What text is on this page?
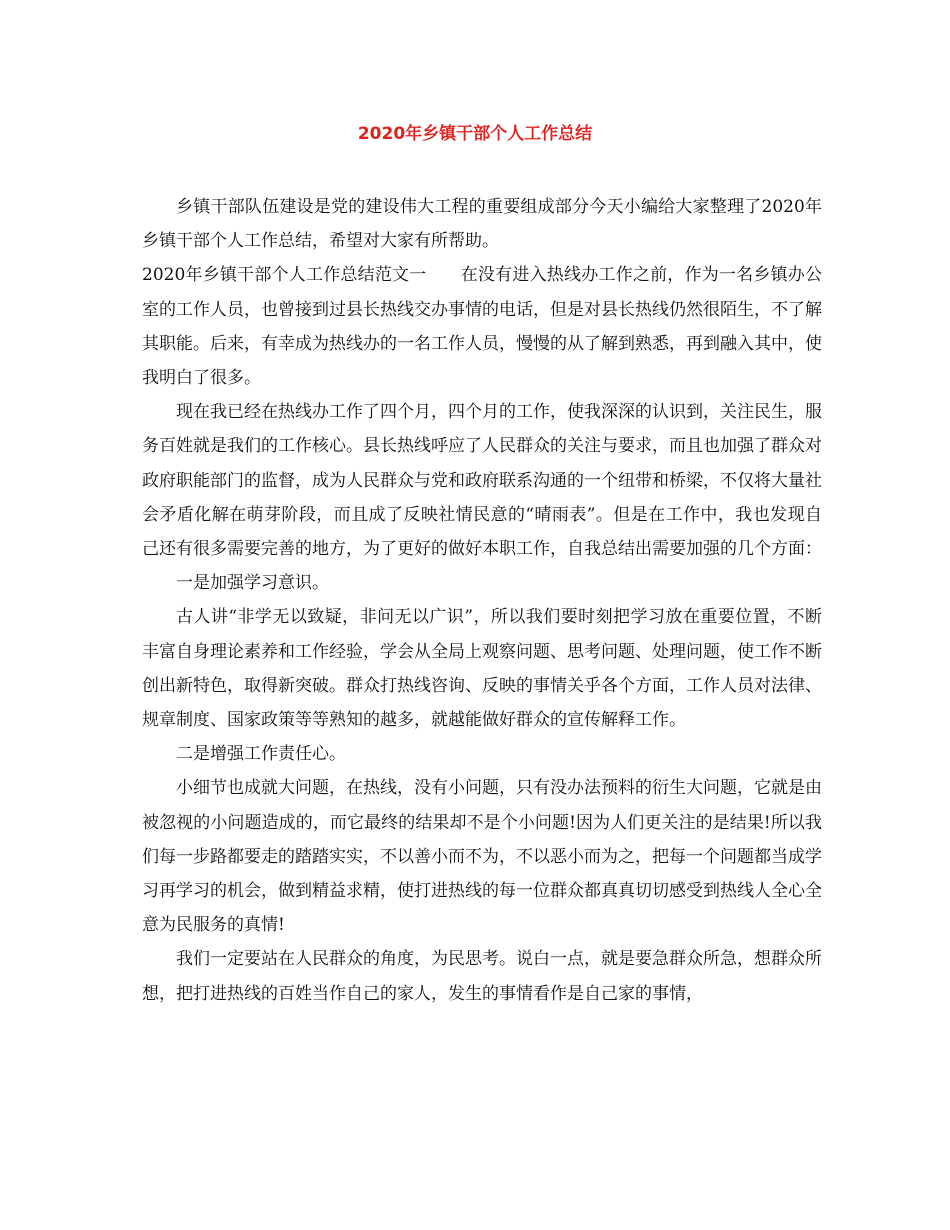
2020年乡镇干部个人工作总结

乡镇干部队伍建设是党的建设伟大工程的重要组成部分今天小编给大家整理了2020年乡镇干部个人工作总结，希望对大家有所帮助。

2020年乡镇干部个人工作总结范文一 在没有进入热线办工作之前，作为一名乡镇办公室的工作人员，也曾接到过县长热线交办事情的电话，但是对县长热线仍然很陌生，不了解其职能。后来，有幸成为热线办的一名工作人员，慢慢的从了解到熟悉，再到融入其中，使我明白了很多。

现在我已经在热线办工作了四个月，四个月的工作，使我深深的认识到，关注民生，服务百姓就是我们的工作核心。县长热线呼应了人民群众的关注与要求，而且也加强了群众对政府职能部门的监督，成为人民群众与党和政府联系沟通的一个纽带和桥梁，不仅将大量社会矛盾化解在萌芽阶段，而且成了反映社情民意的“晴雨表”。但是在工作中，我也发现自己还有很多需要完善的地方，为了更好的做好本职工作，自我总结出需要加强的几个方面：

一是加强学习意识。

古人讲“非学无以致疑，非问无以广识”，所以我们要时刻把学习放在重要位置，不断丰富自身理论素养和工作经验，学会从全局上观察问题、思考问题、处理问题，使工作不断创出新特色，取得新突破。群众打热线咨询、反映的事情关乎各个方面，工作人员对法律、规章制度、国家政策等等熟知的越多，就越能做好群众的宣传解释工作。

二是增强工作责任心。

小细节也成就大问题，在热线，没有小问题，只有没办法预料的衍生大问题，它就是由被忽视的小问题造成的，而它最终的结果却不是个小问题!因为人们更关注的是结果!所以我们每一步路都要走的踏踏实实，不以善小而不为，不以恶小而为之，把每一个问题都当成学习再学习的机会，做到精益求精，使打进热线的每一位群众都真真切切感受到热线人全心全意为民服务的真情!

我们一定要站在人民群众的角度，为民思考。说白一点，就是要急群众所急，想群众所想，把打进热线的百姓当作自己的家人，发生的事情看作是自己家的事情，
